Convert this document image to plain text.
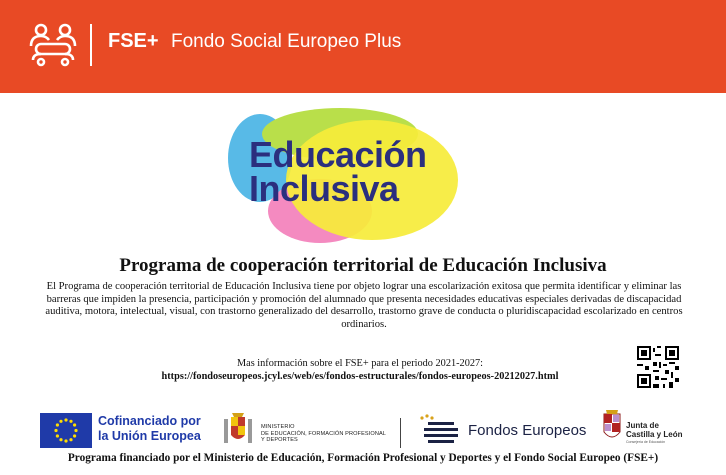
FSE+ Fondo Social Europeo Plus
Educación
Inclusiva
Programa de cooperación territorial de Educación Inclusiva
El Programa de cooperación territorial de Educación Inclusiva tiene por objeto lograr una escolarización exitosa que permita identificar y eliminar las barreras que impiden la presencia, participación y promoción del alumnado que presenta necesidades educativas especiales derivadas de discapacidad auditiva, motora, intelectual, visual, con trastorno generalizado del desarrollo, trastorno grave de conducta o pluridiscapacidad escolarizado en centros ordinarios.
Mas información sobre el FSE+ para el periodo 2021-2027:
https://fondoseuropeos.jcyl.es/web/es/fondos-estructurales/fondos-europeos-20212027.html
Cofinanciado por
la Unión Europea
MINISTERIO
DE EDUCACIÓN, FORMACIÓN PROFESIONAL
Y DEPORTES
Fondos Europeos	Junta de
Castilla y León
Consejería de Educación
Programa financiado por el Ministerio de Educación, Formación Profesional y Deportes y el Fondo Social Europeo (FSE+)
